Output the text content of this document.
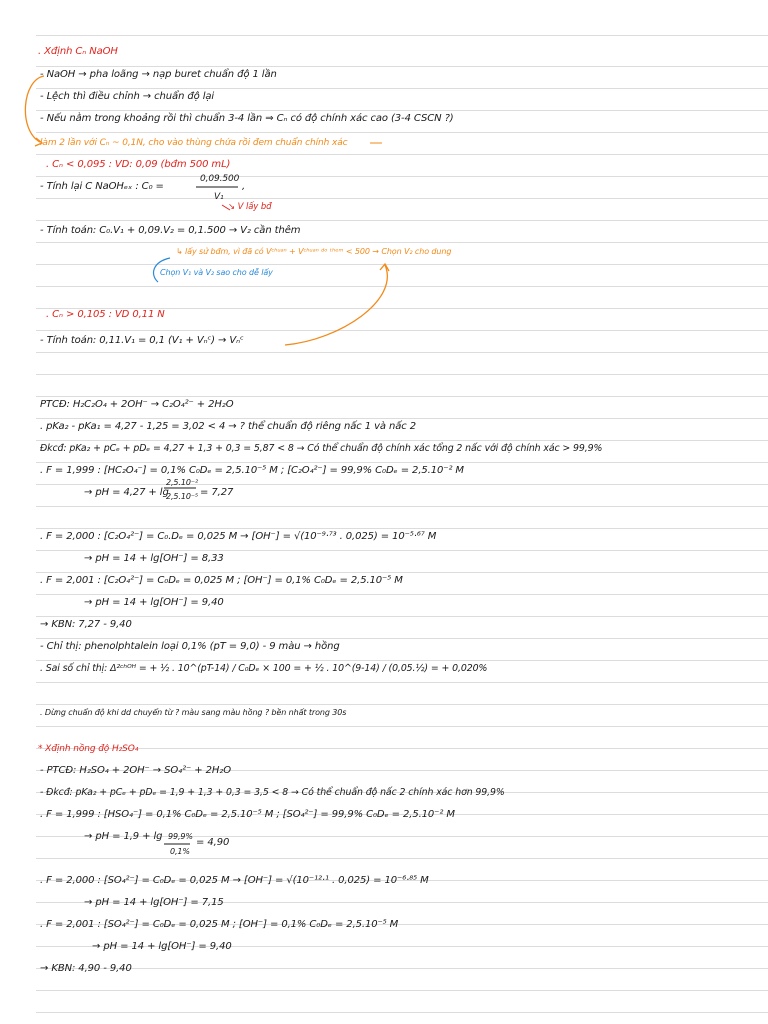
. Xđịnh Cₙ NaOH
- NaOH → pha loãng → nạp buret chuẩn độ 1 lần
- Lệch thì điều chỉnh → chuẩn độ lại
- Nếu nằm trong khoảng rồi thì chuẩn 3-4 lần ⇒ Cₙ có độ chính xác cao (3-4 CSCN ?)
làm 2 lần với Cₙ ~ 0,1N, cho vào thùng chứa rồi đem chuẩn chính xác
. Cₙ < 0,095 : VD: 0,09 (bđm 500 mL)
- Tính lại C NaOHₑₓ : C₀ =
0,09.500
V₁
,
↘ V lấy bđ
- Tính toán: C₀.V₁ + 0,09.V₂ = 0,1.500 → V₂ cần thêm
↳ lấy sử bđm, vì đã có Vᶜʰᵘᵃⁿ + Vᶜʰᵘᵃⁿ ᵈᵒ ᵗʰᵉᵐ < 500 → Chọn V₂ cho dung
Chọn V₁ và V₂ sao cho dễ lấy
. Cₙ > 0,105 : VD 0,11 N
- Tính toán: 0,11.V₁ = 0,1 (V₁ + Vₙᶜ) → Vₙᶜ
PTCĐ: H₂C₂O₄ + 2OH⁻ → C₂O₄²⁻ + 2H₂O
. pKa₂ - pKa₁ = 4,27 - 1,25 = 3,02 < 4 → ? thể chuẩn độ riêng nấc 1 và nấc 2
Đkcđ: pKa₂ + pCₑ + pDₑ = 4,27 + 1,3 + 0,3 = 5,87 < 8 → Có thể chuẩn độ chính xác tổng 2 nấc với độ chính xác > 99,9%
. F = 1,999 : [HC₂O₄⁻] = 0,1% C₀Dₑ = 2,5.10⁻⁵ M ; [C₂O₄²⁻] = 99,9% C₀Dₑ = 2,5.10⁻² M
→ pH = 4,27 + lg
2,5.10⁻²
2,5.10⁻⁵ = 7,27
. F = 2,000 : [C₂O₄²⁻] = C₀.Dₑ = 0,025 M → [OH⁻] = √(10⁻⁹·⁷³ . 0,025) = 10⁻⁵·⁶⁷ M
→ pH = 14 + lg[OH⁻] = 8,33
. F = 2,001 : [C₂O₄²⁻] = C₀Dₑ = 0,025 M ; [OH⁻] = 0,1% C₀Dₑ = 2,5.10⁻⁵ M
→ pH = 14 + lg[OH⁻] = 9,40
→ KBN: 7,27 - 9,40
- Chỉ thị: phenolphtalein loại 0,1% (pT = 9,0) - 9 màu → hồng
. Sai số chỉ thị: Δ²ᶜʰᴼᴴ = + ½ . 10^(pT-14) / C₀Dₑ × 100 = + ½ . 10^(9-14) / (0,05.½) = + 0,020%
. Dừng chuẩn độ khi dd chuyển từ ? màu sang màu hồng ? bền nhất trong 30s
* Xđịnh nồng độ H₂SO₄
- PTCĐ: H₂SO₄ + 2OH⁻ → SO₄²⁻ + 2H₂O
- Đkcđ: pKa₂ + pCₑ + pDₑ = 1,9 + 1,3 + 0,3 = 3,5 < 8 → Có thể chuẩn độ nấc 2 chính xác hơn 99,9%
. F = 1,999 : [HSO₄⁻] = 0,1% C₀Dₑ = 2,5.10⁻⁵ M ; [SO₄²⁻] = 99,9% C₀Dₑ = 2,5.10⁻² M
→ pH = 1,9 + lg 99,9%
0,1%
= 4,90
. F = 2,000 : [SO₄²⁻] = C₀Dₑ = 0,025 M → [OH⁻] = √(10⁻¹²·¹ . 0,025) = 10⁻⁶·⁸⁵ M
→ pH = 14 + lg[OH⁻] = 7,15
. F = 2,001 : [SO₄²⁻] = C₀Dₑ = 0,025 M ; [OH⁻] = 0,1% C₀Dₑ = 2,5.10⁻⁵ M
→ pH = 14 + lg[OH⁻] = 9,40
→ KBN: 4,90 - 9,40
